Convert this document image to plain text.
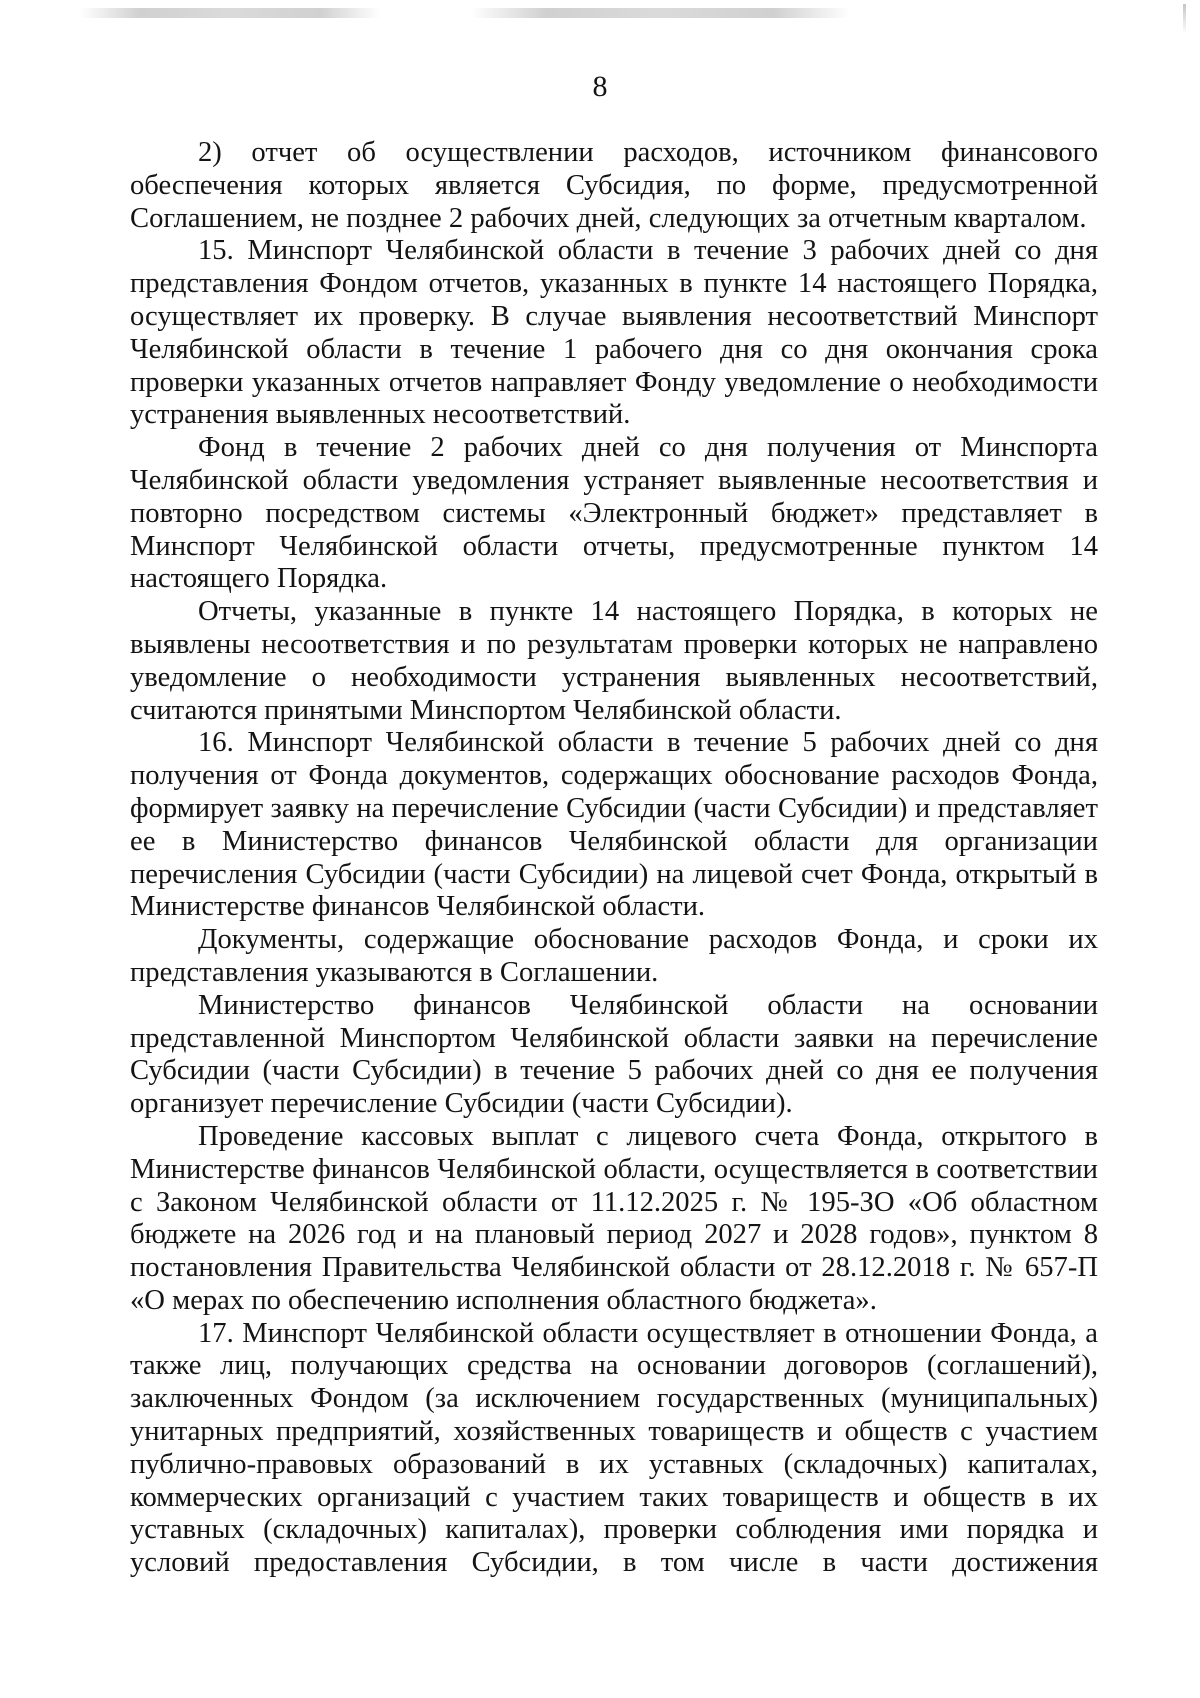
8

2) отчет об осуществлении расходов, источником финансового обеспечения которых является Субсидия, по форме, предусмотренной Соглашением, не позднее 2 рабочих дней, следующих за отчетным кварталом.

15. Минспорт Челябинской области в течение 3 рабочих дней со дня представления Фондом отчетов, указанных в пункте 14 настоящего Порядка, осуществляет их проверку. В случае выявления несоответствий Минспорт Челябинской области в течение 1 рабочего дня со дня окончания срока проверки указанных отчетов направляет Фонду уведомление о необходимости устранения выявленных несоответствий.

Фонд в течение 2 рабочих дней со дня получения от Минспорта Челябинской области уведомления устраняет выявленные несоответствия и повторно посредством системы «Электронный бюджет» представляет в Минспорт Челябинской области отчеты, предусмотренные пунктом 14 настоящего Порядка.

Отчеты, указанные в пункте 14 настоящего Порядка, в которых не выявлены несоответствия и по результатам проверки которых не направлено уведомление о необходимости устранения выявленных несоответствий, считаются принятыми Минспортом Челябинской области.

16. Минспорт Челябинской области в течение 5 рабочих дней со дня получения от Фонда документов, содержащих обоснование расходов Фонда, формирует заявку на перечисление Субсидии (части Субсидии) и представляет ее в Министерство финансов Челябинской области для организации перечисления Субсидии (части Субсидии) на лицевой счет Фонда, открытый в Министерстве финансов Челябинской области.

Документы, содержащие обоснование расходов Фонда, и сроки их представления указываются в Соглашении.

Министерство финансов Челябинской области на основании представленной Минспортом Челябинской области заявки на перечисление Субсидии (части Субсидии) в течение 5 рабочих дней со дня ее получения организует перечисление Субсидии (части Субсидии).

Проведение кассовых выплат с лицевого счета Фонда, открытого в Министерстве финансов Челябинской области, осуществляется в соответствии с Законом Челябинской области от 11.12.2025 г. № 195-ЗО «Об областном бюджете на 2026 год и на плановый период 2027 и 2028 годов», пунктом 8 постановления Правительства Челябинской области от 28.12.2018 г. № 657-П «О мерах по обеспечению исполнения областного бюджета».

17. Минспорт Челябинской области осуществляет в отношении Фонда, а также лиц, получающих средства на основании договоров (соглашений), заключенных Фондом (за исключением государственных (муниципальных) унитарных предприятий, хозяйственных товариществ и обществ с участием публично-правовых образований в их уставных (складочных) капиталах, коммерческих организаций с участием таких товариществ и обществ в их уставных (складочных) капиталах), проверки соблюдения ими порядка и условий предоставления Субсидии, в том числе в части достижения
